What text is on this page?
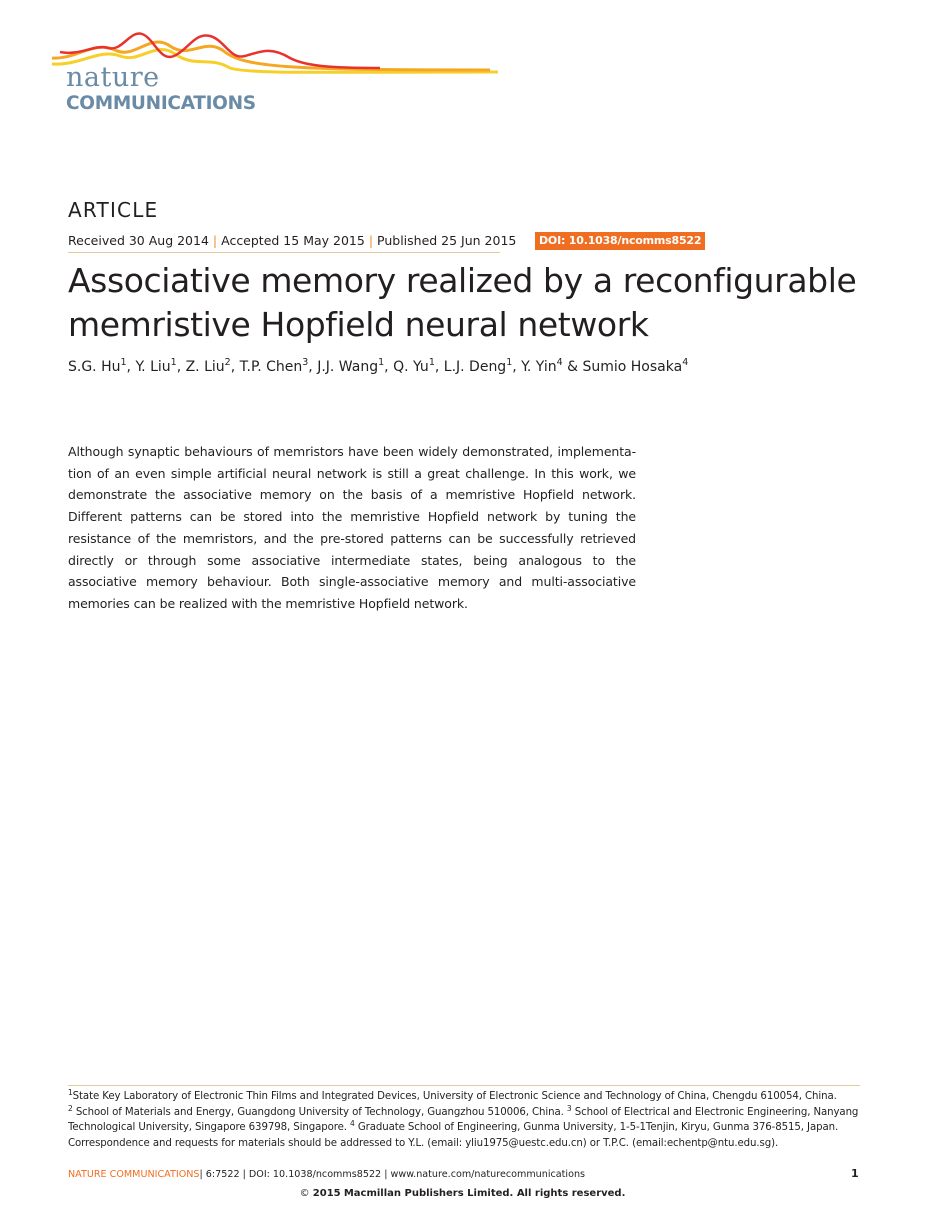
nature
COMMUNICATIONS
ARTICLE
Received 30 Aug 2014 | Accepted 15 May 2015 | Published 25 Jun 2015	DOI: 10.1038/ncomms8522
Associative memory realized by a reconfigurable memristive Hopfield neural network
S.G. Hu$^1$, Y. Liu$^1$, Z. Liu$^2$, T.P. Chen$^3$, J.J. Wang$^1$, Q. Yu$^1$, L.J. Deng$^1$, Y. Yin$^4$ & Sumio Hosaka$^4$
Although synaptic behaviours of memristors have been widely demonstrated, implementa-tion of an even simple artificial neural network is still a great challenge. In this work, we demonstrate the associative memory on the basis of a memristive Hopfield network. Different patterns can be stored into the memristive Hopfield network by tuning the resistance of the memristors, and the pre-stored patterns can be successfully retrieved directly or through some associative intermediate states, being analogous to the associative memory behaviour. Both single-associative memory and multi-associative memories can be realized with the memristive Hopfield network.

$^1$State Key Laboratory of Electronic Thin Films and Integrated Devices, University of Electronic Science and Technology of China, Chengdu 610054, China.

$^2$ School of Materials and Energy, Guangdong University of Technology, Guangzhou 510006, China. $^3$ School of Electrical and Electronic Engineering, Nanyang Technological University, Singapore 639798, Singapore. $^4$ Graduate School of Engineering, Gunma University, 1-5-1Tenjin, Kiryu, Gunma 376-8515, Japan.

Correspondence and requests for materials should be addressed to Y.L. (email: yliu1975@uestc.edu.cn) or T.P.C. (email:echentp@ntu.edu.sg).

NATURE COMMUNICATIONS| 6:7522 | DOI: 10.1038/ncomms8522 | www.nature.com/naturecommunications	1
© 2015 Macmillan Publishers Limited. All rights reserved.
